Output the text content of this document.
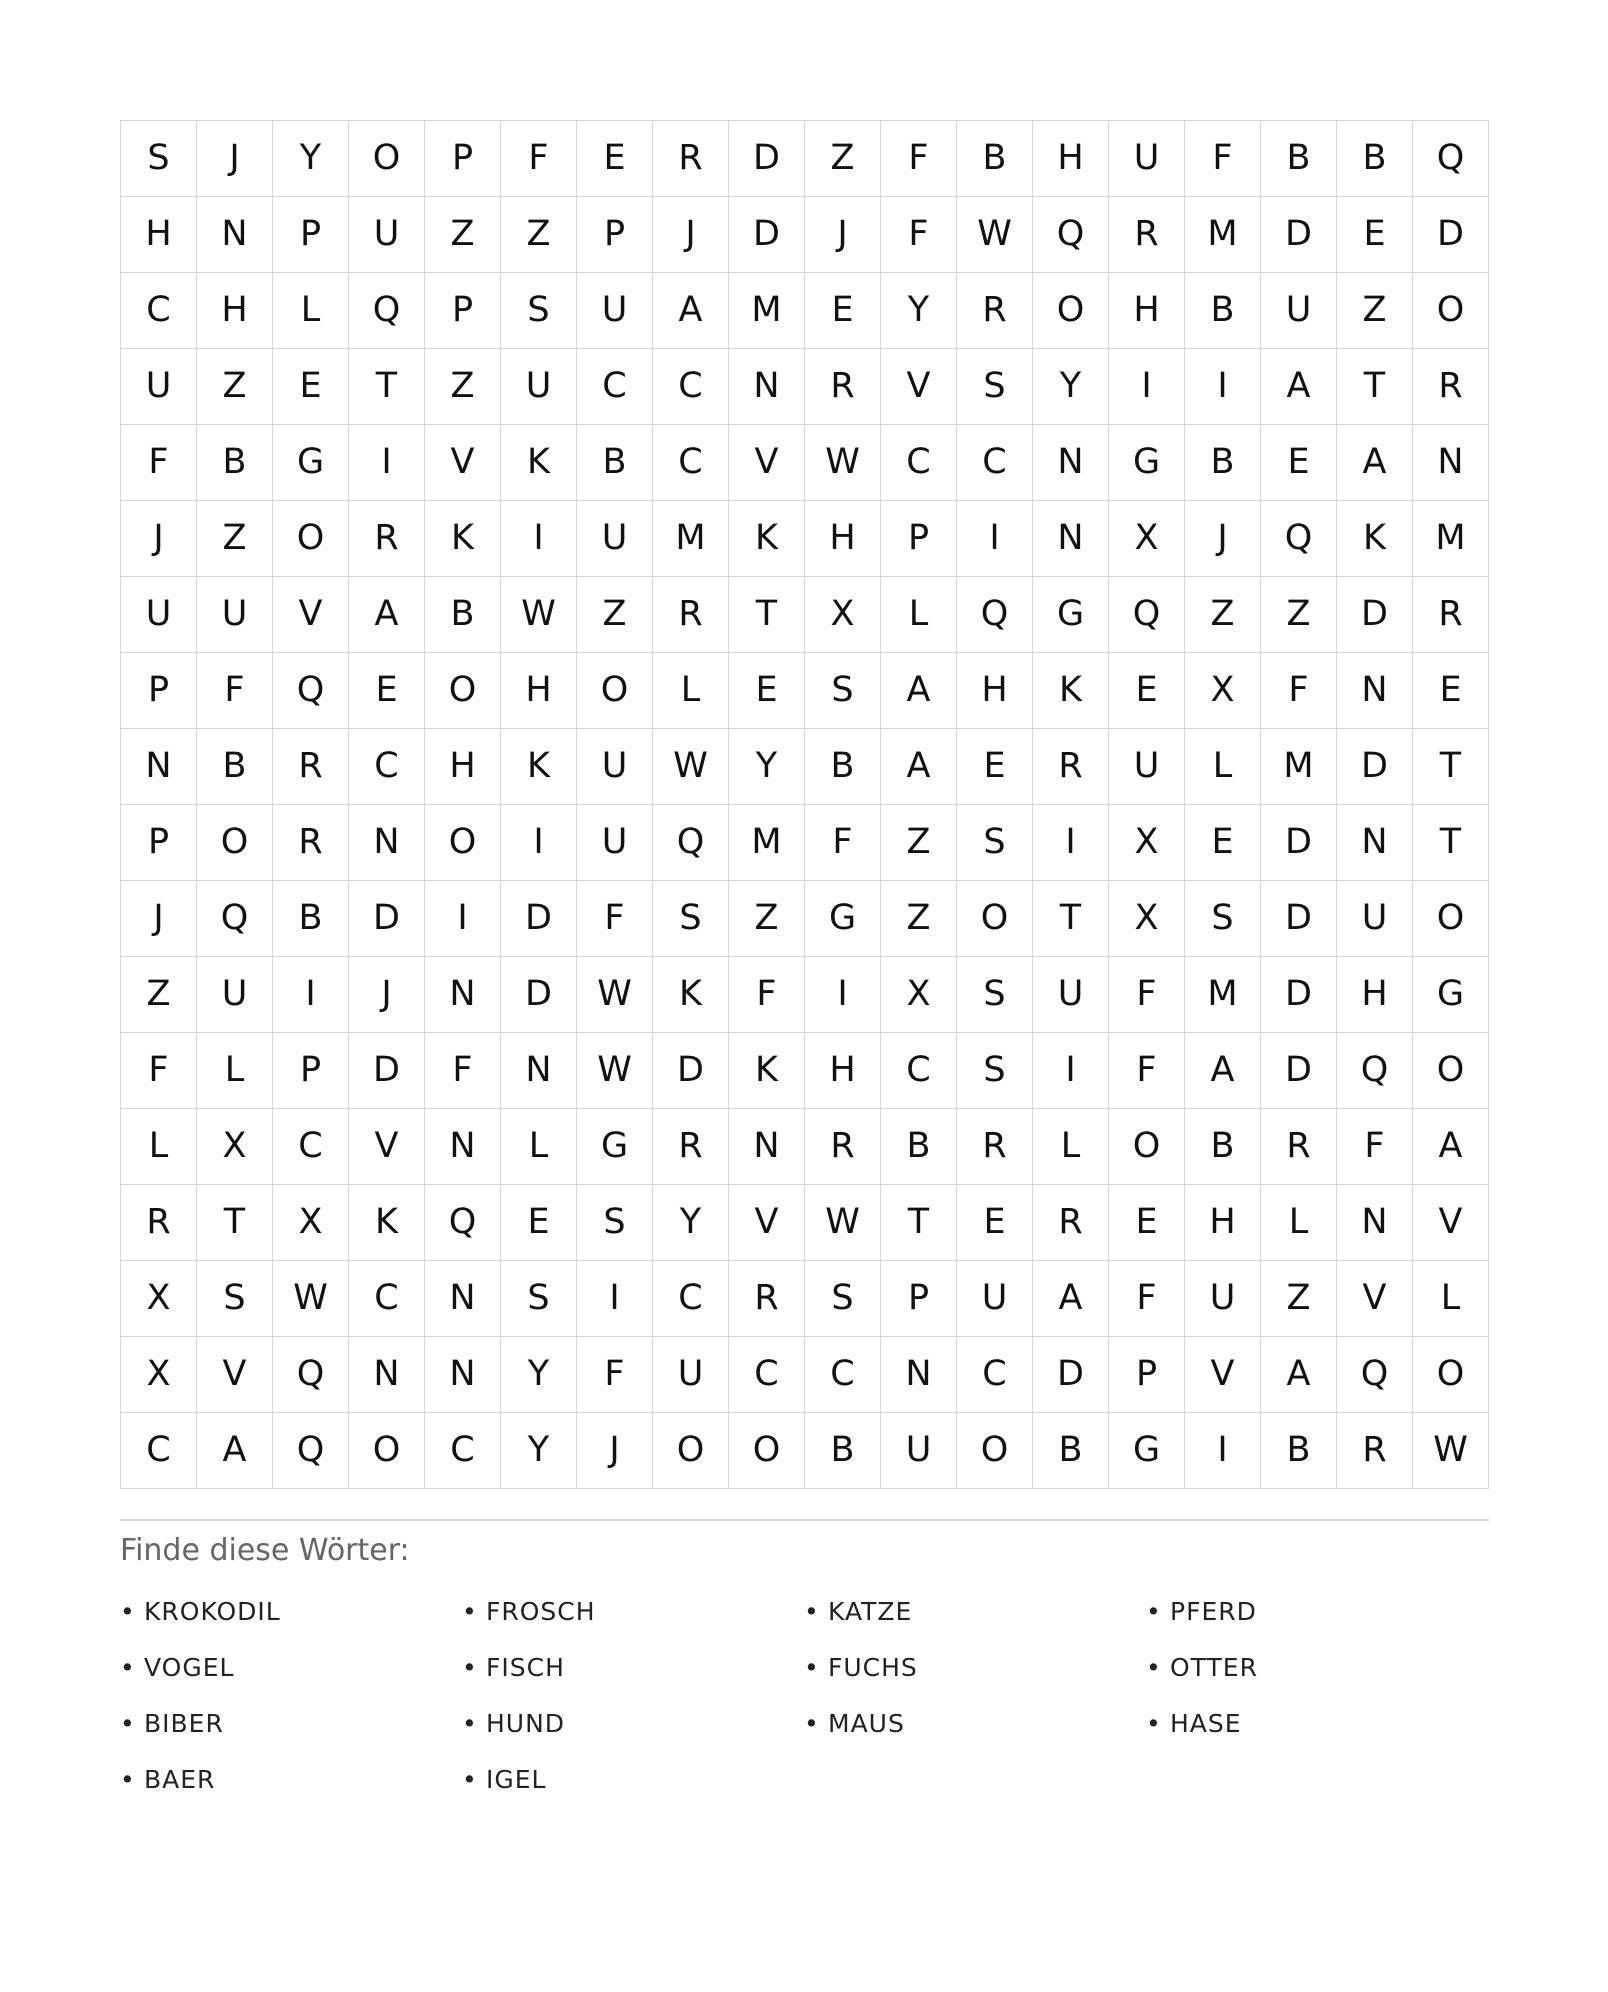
S	J	Y	O	P	F	E	R	D	Z	F	B	H	U	F	B	B	Q
H	N	P	U	Z	Z	P	J	D	J	F	W	Q	R	M	D	E	D
C	H	L	Q	P	S	U	A	M	E	Y	R	O	H	B	U	Z	O
U	Z	E	T	Z	U	C	C	N	R	V	S	Y	I	I	A	T	R
F	B	G	I	V	K	B	C	V	W	C	C	N	G	B	E	A	N
J	Z	O	R	K	I	U	M	K	H	P	I	N	X	J	Q	K	M
U	U	V	A	B	W	Z	R	T	X	L	Q	G	Q	Z	Z	D	R
P	F	Q	E	O	H	O	L	E	S	A	H	K	E	X	F	N	E
N	B	R	C	H	K	U	W	Y	B	A	E	R	U	L	M	D	T
P	O	R	N	O	I	U	Q	M	F	Z	S	I	X	E	D	N	T
J	Q	B	D	I	D	F	S	Z	G	Z	O	T	X	S	D	U	O
Z	U	I	J	N	D	W	K	F	I	X	S	U	F	M	D	H	G
F	L	P	D	F	N	W	D	K	H	C	S	I	F	A	D	Q	O
L	X	C	V	N	L	G	R	N	R	B	R	L	O	B	R	F	A
R	T	X	K	Q	E	S	Y	V	W	T	E	R	E	H	L	N	V
X	S	W	C	N	S	I	C	R	S	P	U	A	F	U	Z	V	L
X	V	Q	N	N	Y	F	U	C	C	N	C	D	P	V	A	Q	O
C	A	Q	O	C	Y	J	O	O	B	U	O	B	G	I	B	R	W
Finde diese Wörter:
• KROKODIL	• FROSCH	• KATZE	• PFERD
• VOGEL	• FISCH	• FUCHS	• OTTER
• BIBER	• HUND	• MAUS	• HASE
• BAER	• IGEL
